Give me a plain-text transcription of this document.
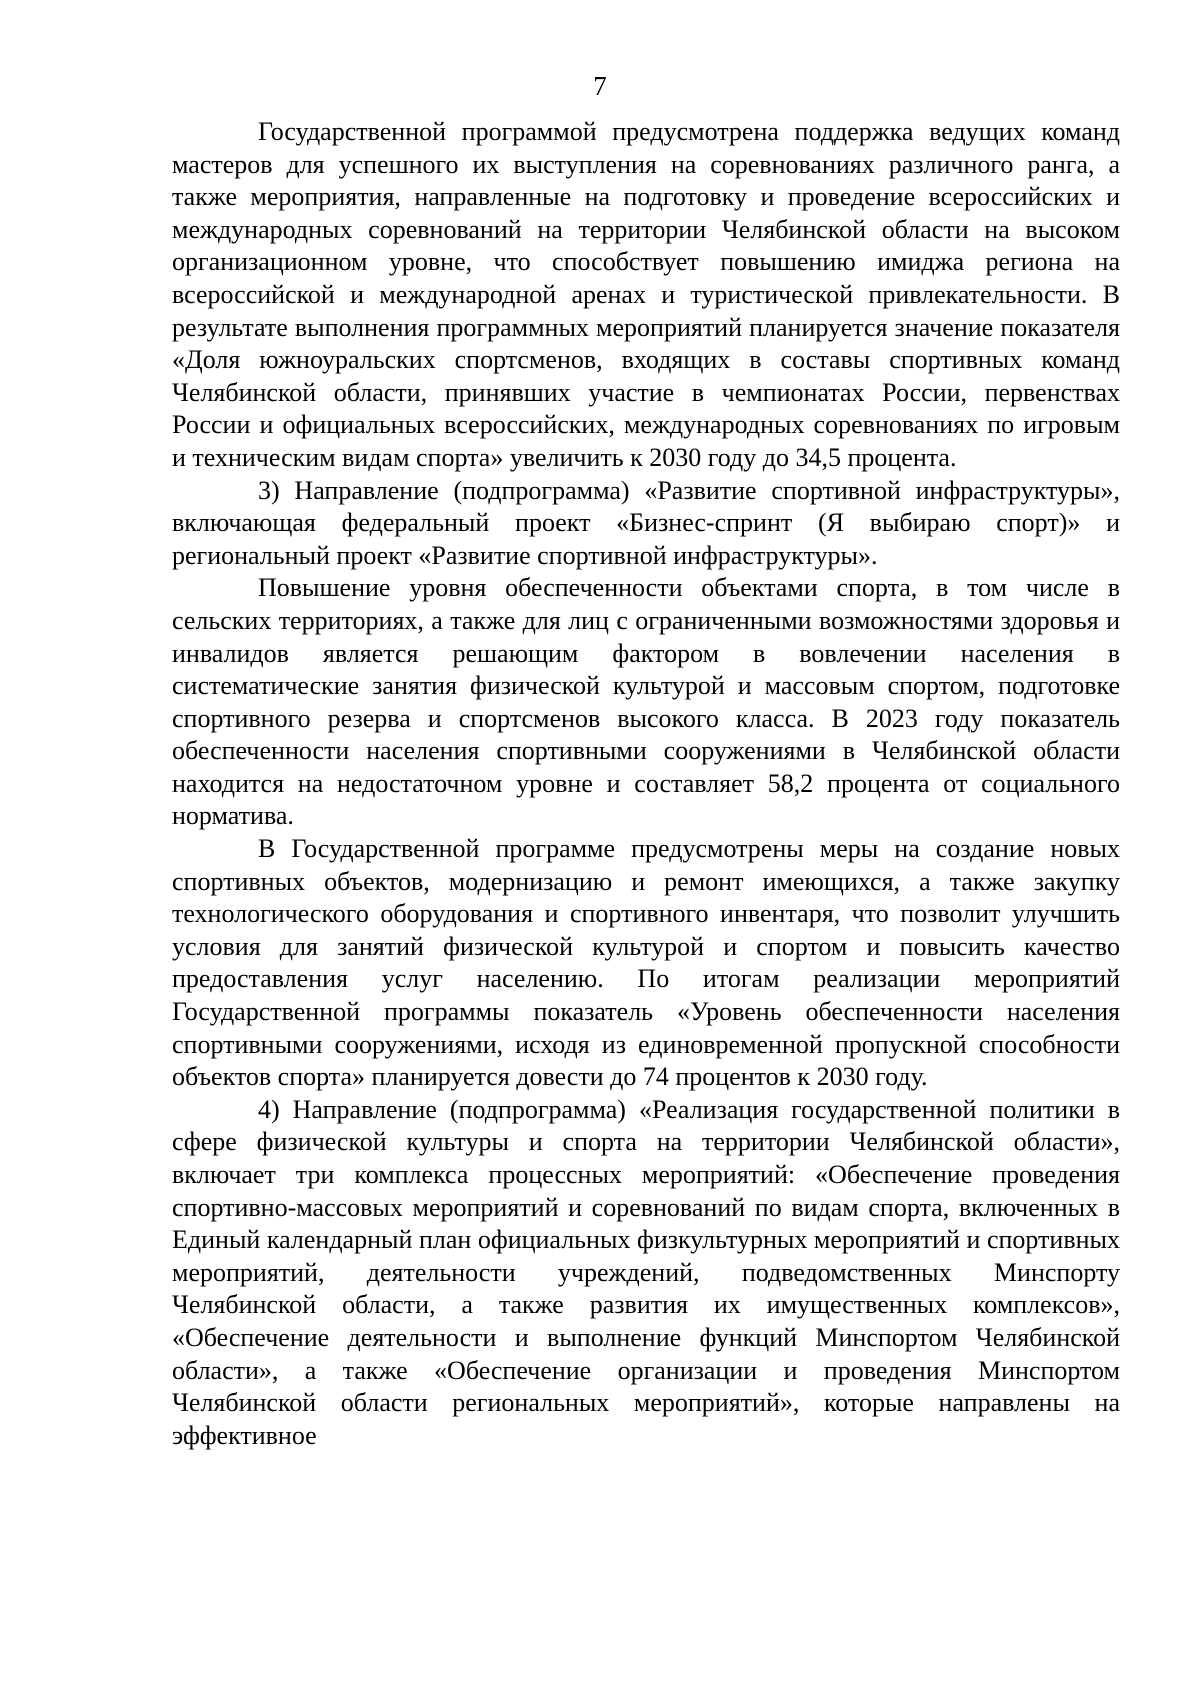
7

Государственной программой предусмотрена поддержка ведущих команд мастеров для успешного их выступления на соревнованиях различного ранга, а также мероприятия, направленные на подготовку и проведение всероссийских и международных соревнований на территории Челябинской области на высоком организационном уровне, что способствует повышению имиджа региона на всероссийской и международной аренах и туристической привлекательности. В результате выполнения программных мероприятий планируется значение показателя «Доля южноуральских спортсменов, входящих в составы спортивных команд Челябинской области, принявших участие в чемпионатах России, первенствах России и официальных всероссийских, международных соревнованиях по игровым и техническим видам спорта» увеличить к 2030 году до 34,5 процента.

3) Направление (подпрограмма) «Развитие спортивной инфраструктуры», включающая федеральный проект «Бизнес-спринт (Я выбираю спорт)» и региональный проект «Развитие спортивной инфраструктуры».

Повышение уровня обеспеченности объектами спорта, в том числе в сельских территориях, а также для лиц с ограниченными возможностями здоровья и инвалидов является решающим фактором в вовлечении населения в систематические занятия физической культурой и массовым спортом, подготовке спортивного резерва и спортсменов высокого класса. В 2023 году показатель обеспеченности населения спортивными сооружениями в Челябинской области находится на недостаточном уровне и составляет 58,2 процента от социального норматива.

В Государственной программе предусмотрены меры на создание новых спортивных объектов, модернизацию и ремонт имеющихся, а также закупку технологического оборудования и спортивного инвентаря, что позволит улучшить условия для занятий физической культурой и спортом и повысить качество предоставления услуг населению. По итогам реализации мероприятий Государственной программы показатель «Уровень обеспеченности населения спортивными сооружениями, исходя из единовременной пропускной способности объектов спорта» планируется довести до 74 процентов к 2030 году.

4) Направление (подпрограмма) «Реализация государственной политики в сфере физической культуры и спорта на территории Челябинской области», включает три комплекса процессных мероприятий: «Обеспечение проведения спортивно-массовых мероприятий и соревнований по видам спорта, включенных в Единый календарный план официальных физкультурных мероприятий и спортивных мероприятий, деятельности учреждений, подведомственных Минспорту Челябинской области, а также развития их имущественных комплексов», «Обеспечение деятельности и выполнение функций Минспортом Челябинской области», а также «Обеспечение организации и проведения Минспортом Челябинской области региональных мероприятий», которые направлены на эффективное
